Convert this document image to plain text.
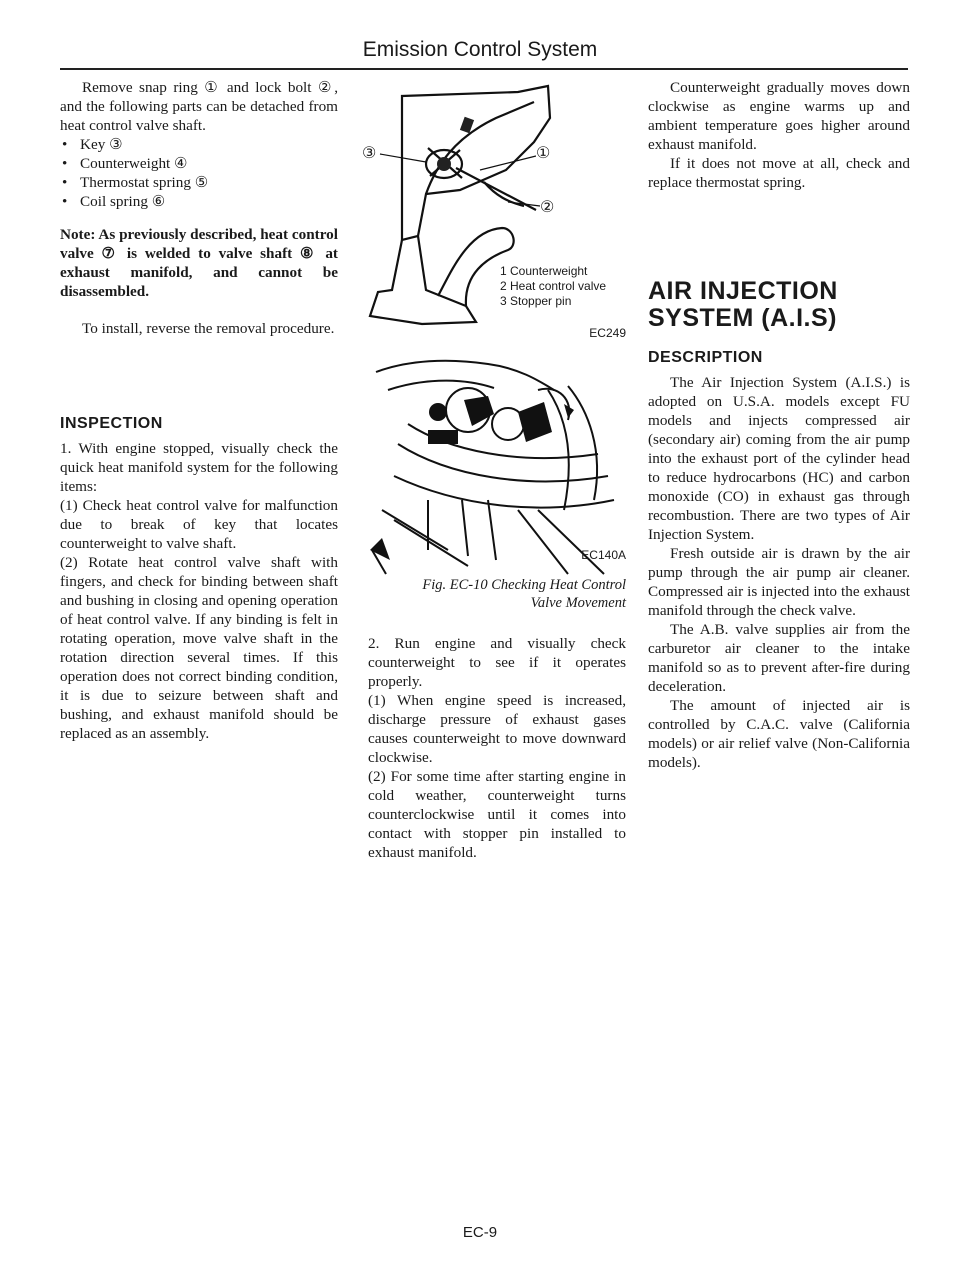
Emission Control System

Remove snap ring ① and lock bolt ②, and the following parts can be detached from heat control valve shaft.

• Key ③
• Counterweight ④
• Thermostat spring ⑤
• Coil spring ⑥

Note: As previously described, heat control valve ⑦ is welded to valve shaft ⑧ at exhaust manifold, and cannot be disassembled.

To install, reverse the removal procedure.

INSPECTION

1. With engine stopped, visually check the quick heat manifold system for the following items:

(1) Check heat control valve for malfunction due to break of key that locates counterweight to valve shaft.

(2) Rotate heat control valve shaft with fingers, and check for binding between shaft and bushing in closing and opening operation of heat control valve. If any binding is felt in rotating operation, move valve shaft in the rotation direction several times. If this operation does not correct binding condition, it is due to seizure between shaft and bushing, and exhaust manifold should be replaced as an assembly.

③	①
②
1 Counterweight
2 Heat control valve
3 Stopper pin
EC249
EC140A
Fig. EC-10 Checking Heat Control
Valve Movement

2. Run engine and visually check counterweight to see if it operates properly.

(1) When engine speed is increased, discharge pressure of exhaust gases causes counterweight to move downward clockwise.

(2) For some time after starting engine in cold weather, counterweight turns counterclockwise until it comes into contact with stopper pin installed to exhaust manifold.

Counterweight gradually moves down clockwise as engine warms up and ambient temperature goes higher around exhaust manifold.

If it does not move at all, check and replace thermostat spring.

AIR INJECTION
SYSTEM (A.I.S)

DESCRIPTION

The Air Injection System (A.I.S.) is adopted on U.S.A. models except FU models and injects compressed air (secondary air) coming from the air pump into the exhaust port of the cylinder head to reduce hydrocarbons (HC) and carbon monoxide (CO) in exhaust gas through recombustion. There are two types of Air Injection System.

Fresh outside air is drawn by the air pump through the air pump air cleaner. Compressed air is injected into the exhaust manifold through the check valve.

The A.B. valve supplies air from the carburetor air cleaner to the intake manifold so as to prevent after-fire during deceleration.

The amount of injected air is controlled by C.A.C. valve (California models) or air relief valve (Non-California models).

EC-9
